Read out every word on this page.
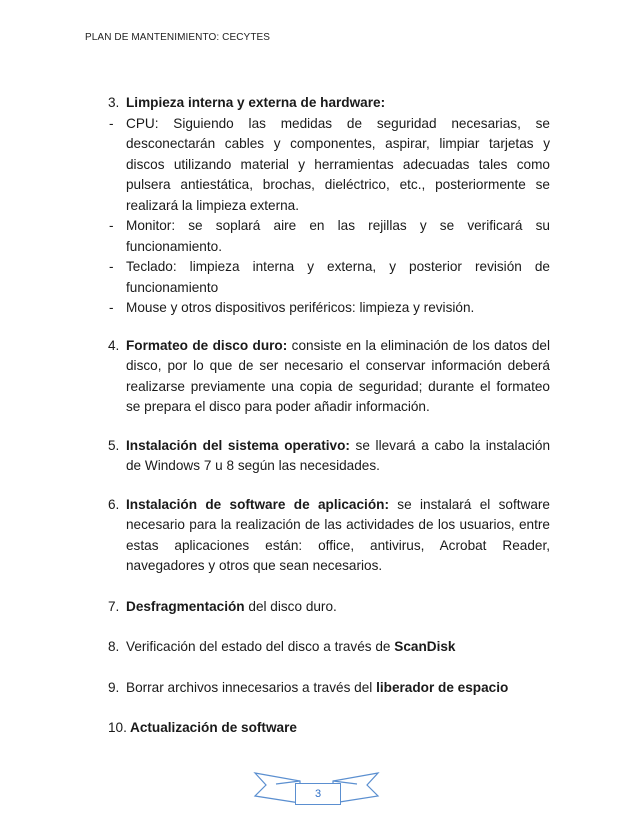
PLAN DE MANTENIMIENTO: CECYTES
3. Limpieza interna y externa de hardware:
- CPU: Siguiendo las medidas de seguridad necesarias, se desconectarán cables y componentes, aspirar, limpiar tarjetas y discos utilizando material y herramientas adecuadas tales como pulsera antiestática, brochas, dieléctrico, etc., posteriormente se realizará la limpieza externa.
- Monitor: se soplará aire en las rejillas y se verificará su funcionamiento.
- Teclado: limpieza interna y externa, y posterior revisión de funcionamiento
- Mouse y otros dispositivos periféricos: limpieza y revisión.
4. Formateo de disco duro: consiste en la eliminación de los datos del disco, por lo que de ser necesario el conservar información deberá realizarse previamente una copia de seguridad; durante el formateo se prepara el disco para poder añadir información.
5. Instalación del sistema operativo: se llevará a cabo la instalación de Windows 7 u 8 según las necesidades.
6. Instalación de software de aplicación: se instalará el software necesario para la realización de las actividades de los usuarios, entre estas aplicaciones están: office, antivirus, Acrobat Reader, navegadores y otros que sean necesarios.
7. Desfragmentación del disco duro.
8. Verificación del estado del disco a través de ScanDisk
9. Borrar archivos innecesarios a través del liberador de espacio
10. Actualización de software
3
